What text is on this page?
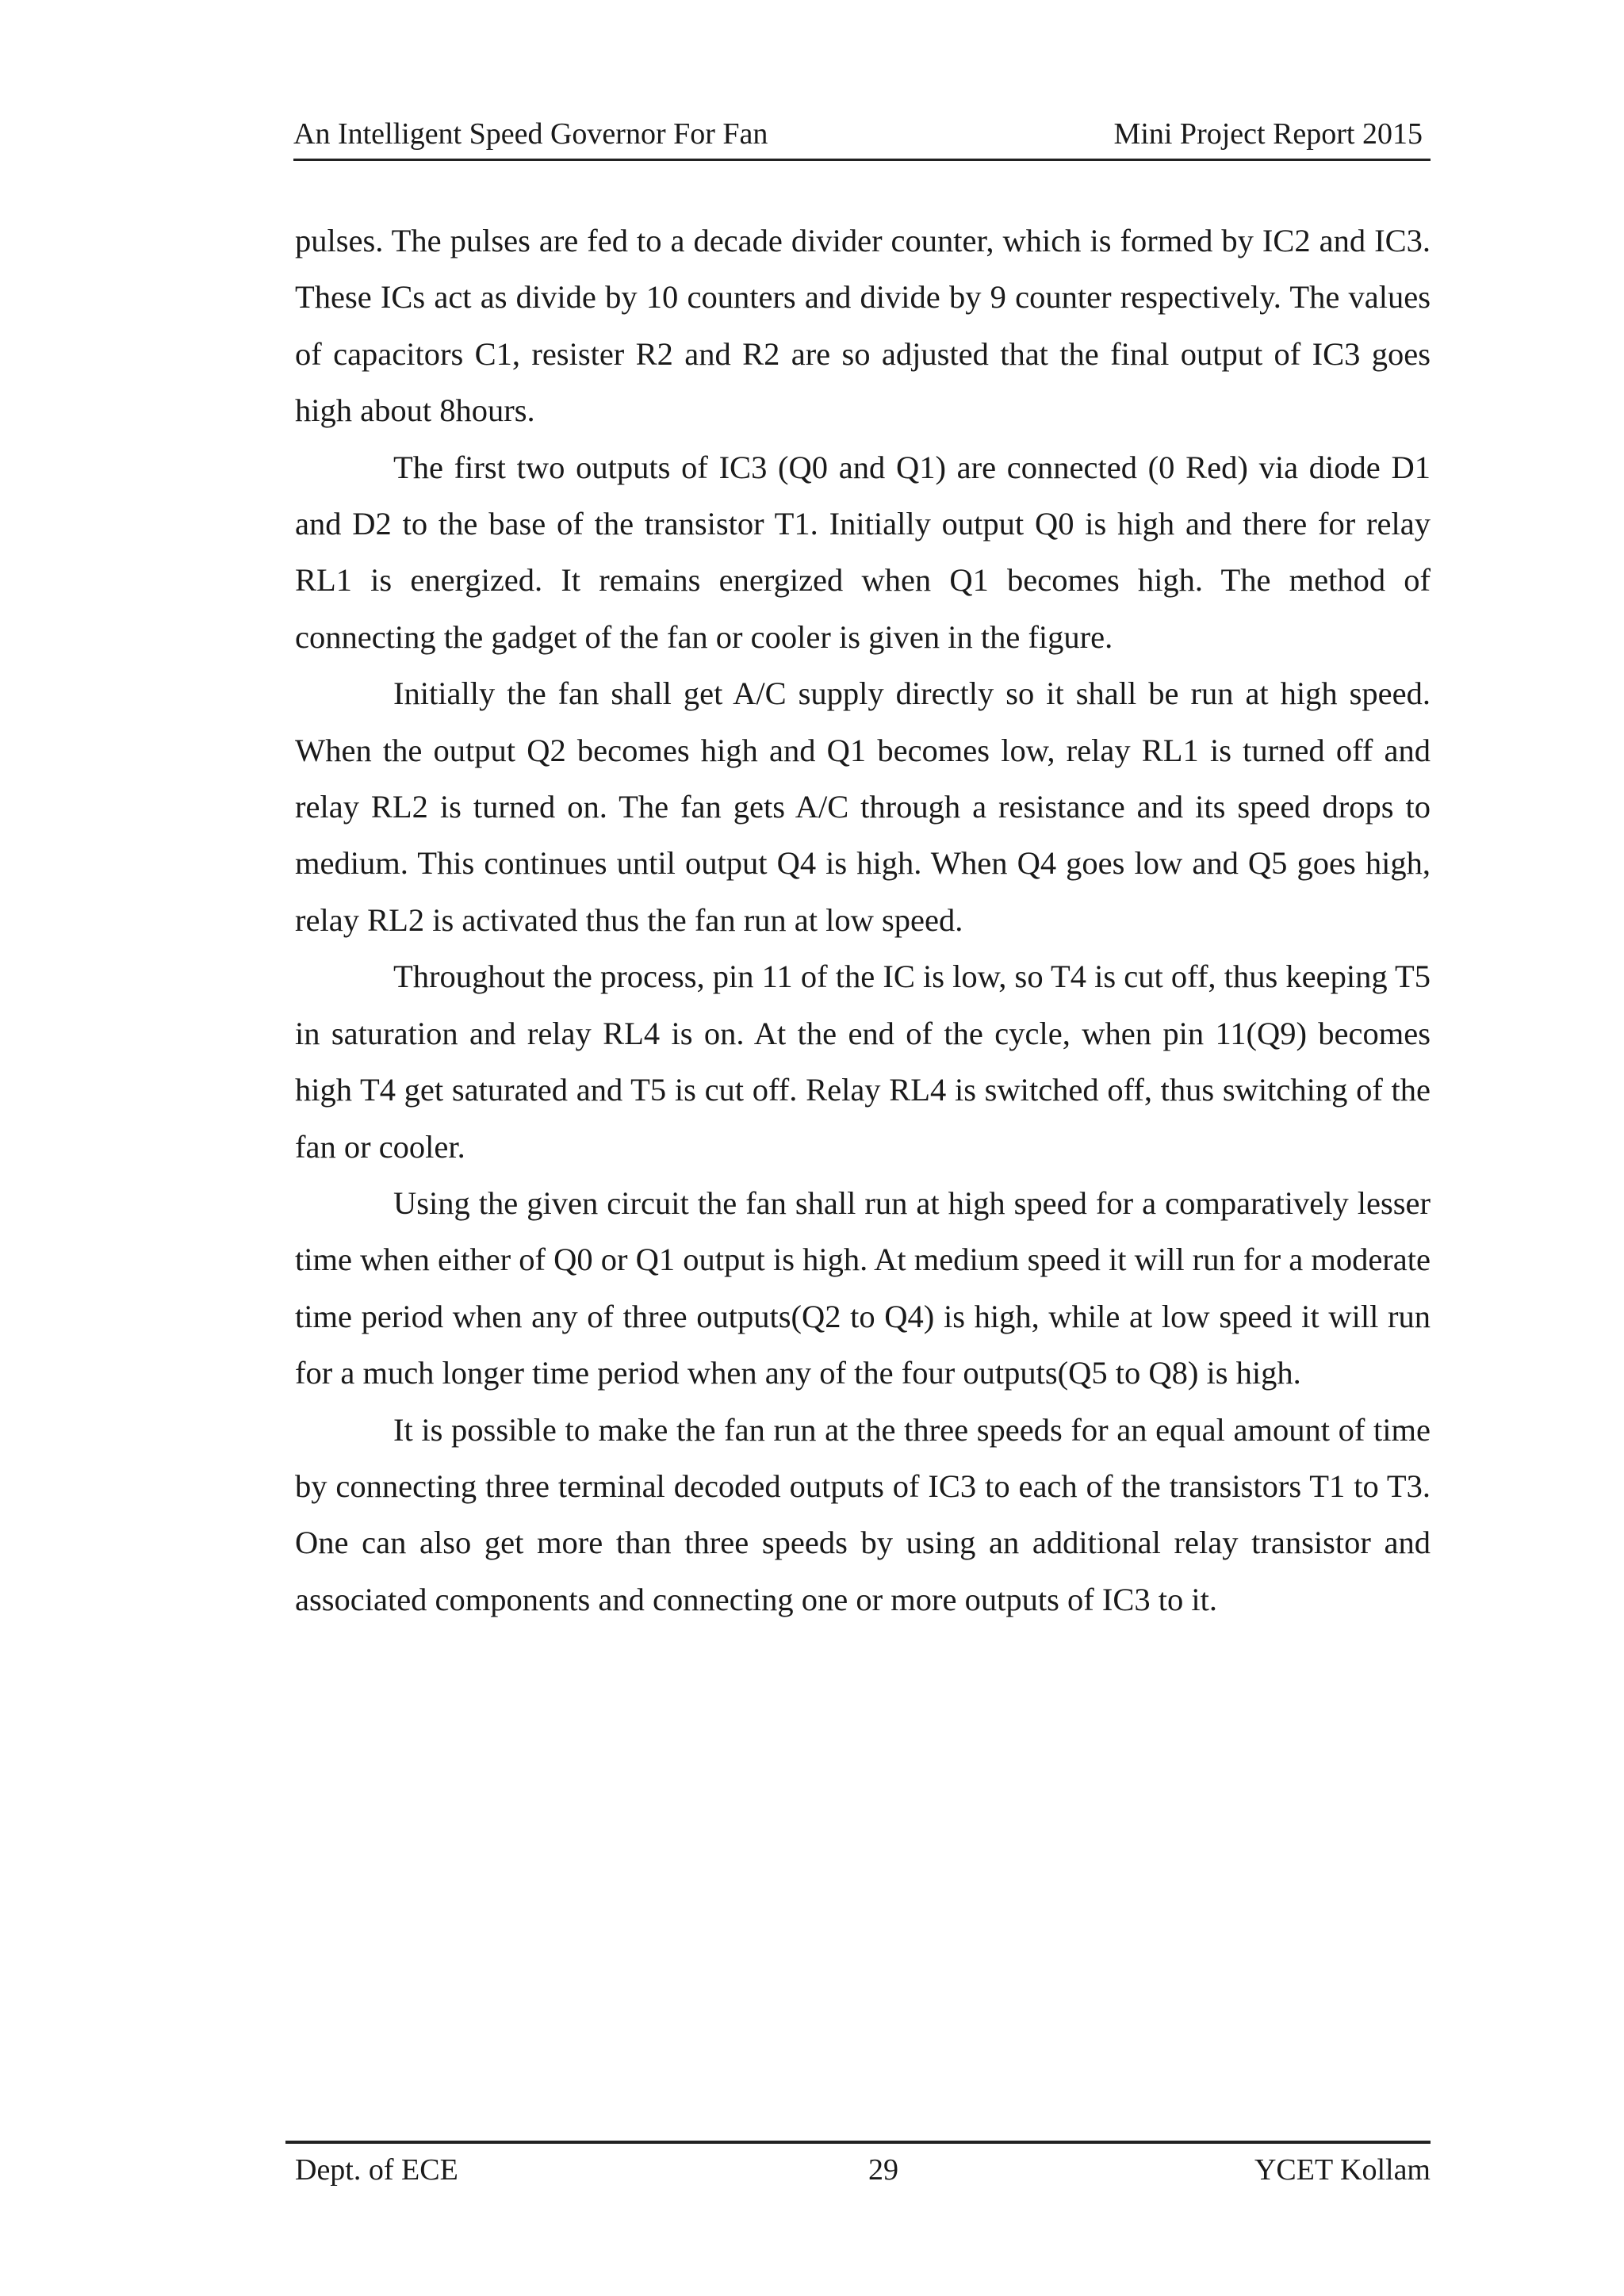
An Intelligent Speed Governor For Fan	Mini Project Report 2015

pulses. The pulses are fed to a decade divider counter, which is formed by IC2 and IC3. These ICs act as divide by 10 counters and divide by 9 counter respectively. The values of capacitors C1, resister R2 and R2 are so adjusted that the final output of IC3 goes high about 8hours.

The first two outputs of IC3 (Q0 and Q1) are connected (0 Red) via diode D1 and D2 to the base of the transistor T1. Initially output Q0 is high and there for relay RL1 is energized. It remains energized when Q1 becomes high. The method of connecting the gadget of the fan or cooler is given in the figure.

Initially the fan shall get A/C supply directly so it shall be run at high speed. When the output Q2 becomes high and Q1 becomes low, relay RL1 is turned off and relay RL2 is turned on. The fan gets A/C through a resistance and its speed drops to medium. This continues until output Q4 is high. When Q4 goes low and Q5 goes high, relay RL2 is activated thus the fan run at low speed.

Throughout the process, pin 11 of the IC is low, so T4 is cut off, thus keeping T5 in saturation and relay RL4 is on. At the end of the cycle, when pin 11(Q9) becomes high T4 get saturated and T5 is cut off. Relay RL4 is switched off, thus switching of the fan or cooler.

Using the given circuit the fan shall run at high speed for a comparatively lesser time when either of Q0 or Q1 output is high. At medium speed it will run for a moderate time period when any of three outputs(Q2 to Q4) is high, while at low speed it will run for a much longer time period when any of the four outputs(Q5 to Q8) is high.

It is possible to make the fan run at the three speeds for an equal amount of time by connecting three terminal decoded outputs of IC3 to each of the transistors T1 to T3. One can also get more than three speeds by using an additional relay transistor and associated components and connecting one or more outputs of IC3 to it.

Dept. of ECE	29	YCET Kollam
